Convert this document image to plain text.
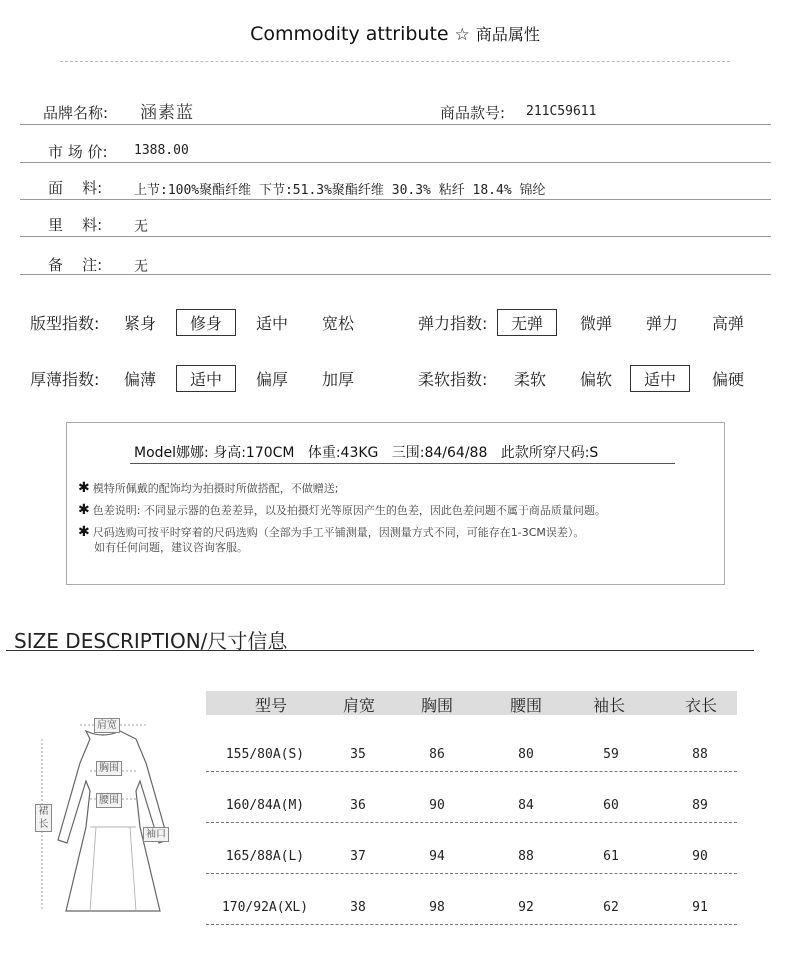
Commodity attribute ☆ 商品属性
品牌名称: 涵素蓝	商品款号: 211C59611
市 场 价: 1388.00
面    料: 上节:100%聚酯纤维 下节:51.3%聚酯纤维 30.3% 粘纤 18.4% 锦纶
里    料: 无
备    注: 无
版型指数: 紧身	修身	适中 宽松	弹力指数:	无弹	微弹 弹力 高弹
厚薄指数: 偏薄	适中	偏厚 加厚	柔软指数: 柔软 偏软	适中	偏硬
Model娜娜: 身高:170CM   体重:43KG   三围:84/64/88   此款所穿尺码:S
✱ 模特所佩戴的配饰均为拍摄时所做搭配，不做赠送;
✱ 色差说明: 不同显示器的色差差异，以及拍摄灯光等原因产生的色差，因此色差问题不属于商品质量问题。
✱ 尺码选购可按平时穿着的尺码选购（全部为手工平铺测量，因测量方式不同，可能存在1-3CM误差）。
如有任何问题，建议咨询客服。
SIZE DESCRIPTION/尺寸信息
肩宽
胸围
腰围
裙长
袖口
型号	肩宽	胸围	腰围	袖长	衣长
155/80A(S)	35	86	80	59	88
160/84A(M)	36	90	84	60	89
165/88A(L)	37	94	88	61	90
170/92A(XL)	38	98	92	62	91
